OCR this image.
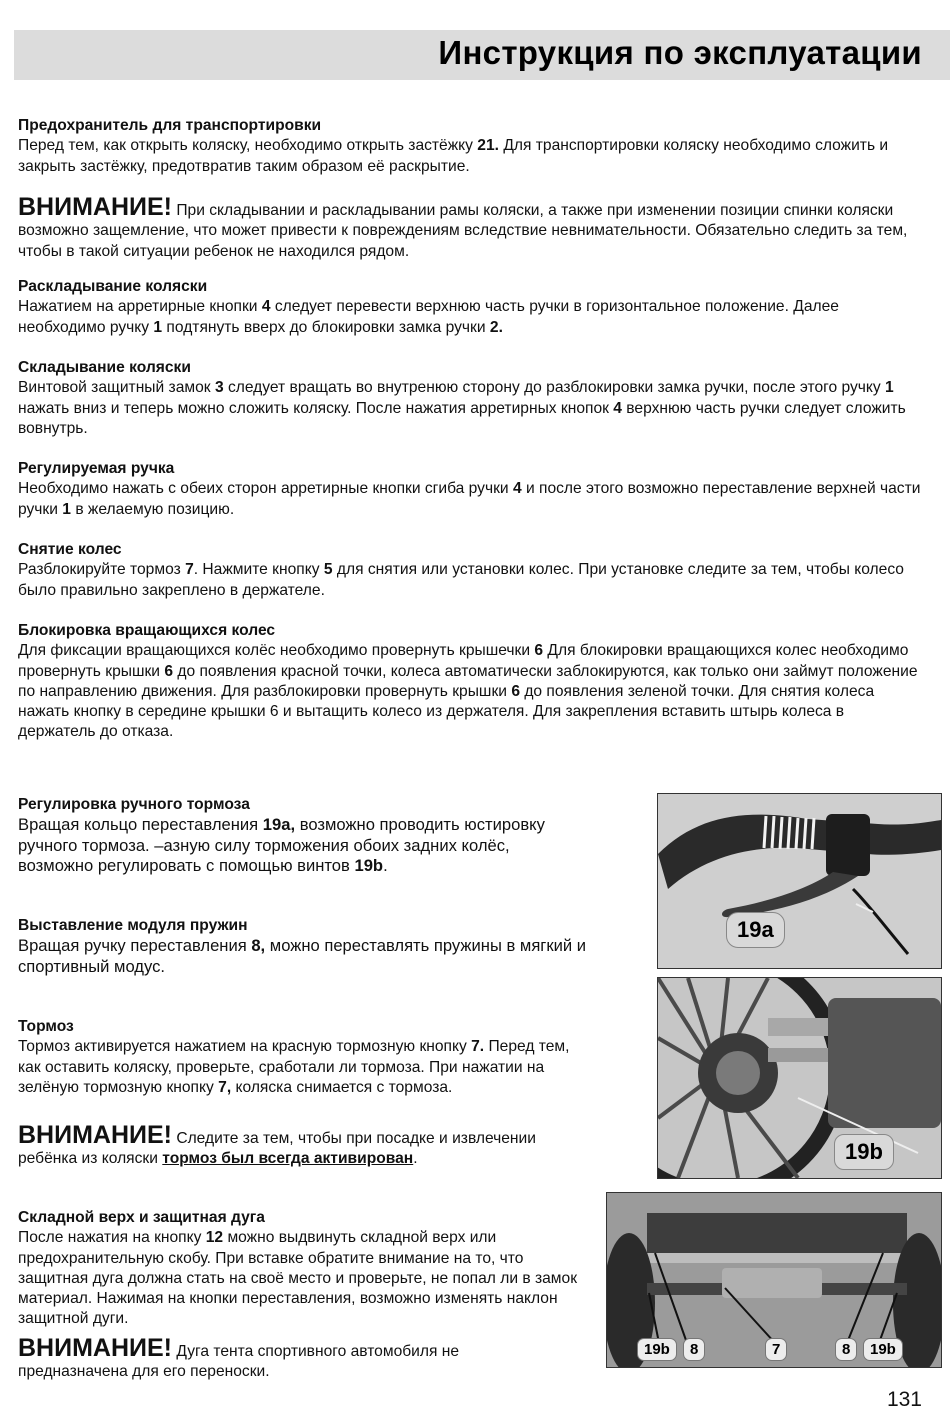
Инструкция по эксплуатации
Предохранитель для транспортировки
Перед тем, как открыть коляску, необходимо открыть застёжку 21. Для транспортировки коляску необходимо сложить и закрыть застёжку, предотвратив таким образом её раскрытие.
ВНИМАНИЕ! При складывании и раскладывании рамы коляски, а также при изменении позиции спинки коляски возможно защемление, что может привести к повреждениям вследствие невнимательности. Обязательно следить за тем, чтобы в такой ситуации ребенок не находился рядом.
Раскладывание коляски
Нажатием на арретирные кнопки 4 следует перевести верхнюю часть ручки в горизонтальное положение. Далее необходимо ручку 1 подтянуть вверх до блокировки замка ручки 2.
Складывание коляски
Винтовой защитный замок 3 следует вращать во внутренюю сторону до разблокировки замка ручки, после этого ручку 1 нажать вниз и теперь можно сложить коляску. После нажатия арретирных кнопок 4 верхнюю часть ручки следует сложить вовнутрь.
Регулируемая ручка
Необходимо нажать с обеих сторон арретирные кнопки сгиба ручки 4 и после этого возможно переставление верхней части ручки 1 в желаемую позицию.
Снятие колес
Разблокируйте тормоз 7. Нажмите кнопку 5 для снятия или установки колес. При установке следите за тем, чтобы колесо было правильно закреплено в держателе.
Блокировка вращающихся колес
Для фиксации вращающихся колёс необходимо провернуть крышечки 6 Для блокировки вращающихся колес необходимо провернуть крышки 6 до появления красной точки, колеса автоматически заблокируются, как только они займут положение по направлению движения. Для разблокировки провернуть крышки 6 до появления зеленой точки. Для снятия колеса нажать кнопку в середине крышки 6 и вытащить колесо из держателя. Для закрепления вставить штырь колеса в держатель до отказа.
Регулировка ручного тормоза
Вращая кольцо переставления 19a, возможно проводить юстировку ручного тормоза. –азную силу торможения обоих задних колёс, возможно регулировать с помощью винтов 19b.
Выставление модуля пружин
Вращая ручку переставления 8, можно переставлять пружины в мягкий и спортивный модус.
Тормоз
Тормоз активируется нажатием на красную тормозную кнопку 7. Перед тем, как оставить коляску, проверьте, сработали ли тормоза. При нажатии на зелёную тормозную кнопку 7, коляска снимается с тормоза.
ВНИМАНИЕ! Следите за тем, чтобы при посадке и извлечении ребёнка из коляски тормоз был всегда активирован.
Складной верх и защитная дуга
После нажатия на кнопку 12 можно выдвинуть складной верх или предохранительную скобу. При вставке обратите внимание на то, что защитная дуга должна стать на своё место и проверьте, не попал ли в замок материал. Нажимая на кнопки переставления, возможно изменять наклон защитной дуги.
ВНИМАНИЕ! Дуга тента спортивного автомобиля не предназначена для его переноски.
19a
19b
19b	8	7	8	19b
131
